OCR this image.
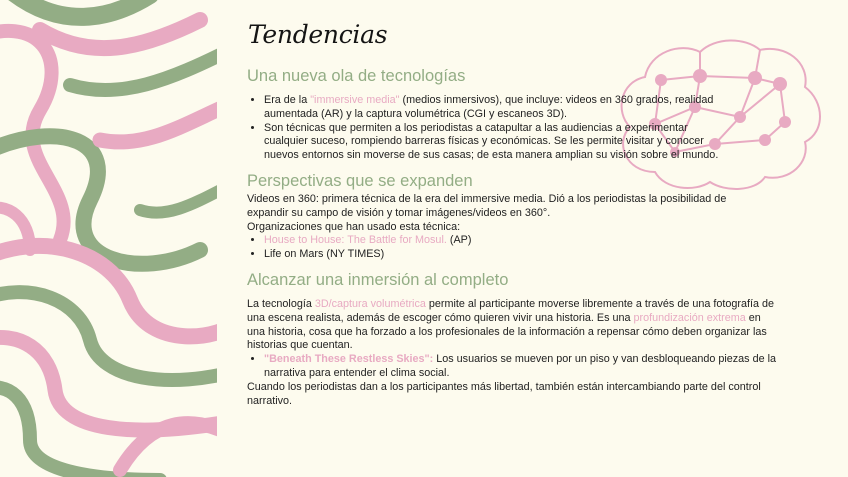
Tendencias
Una nueva ola de tecnologías
• Era de la "immersive media" (medios inmersivos), que incluye: videos en 360 grados, realidad aumentada (AR) y la captura volumétrica (CGI y escaneos 3D).
• Son técnicas que permiten a los periodistas a catapultar a las audiencias a experimentar cualquier suceso, rompiendo barreras físicas y económicas. Se les permite visitar y conocer nuevos entornos sin moverse de sus casas; de esta manera amplian su visión sobre el mundo.
Perspectivas que se expanden

Videos en 360: primera técnica de la era del immersive media. Dió a los periodistas la posibilidad de expandir su campo de visión y tomar imágenes/videos en 360°.

Organizaciones que han usado esta técnica:

• House to House: The Battle for Mosul. (AP)
• Life on Mars (NY TIMES)
Alcanzar una inmersión al completo

La tecnología 3D/captura volumétrica permite al participante moverse libremente a través de una fotografía de una escena realista, además de escoger cómo quieren vivir una historia. Es una profundización extrema en una historia, cosa que ha forzado a los profesionales de la información a repensar cómo deben organizar las historias que cuentan.

• "Beneath These Restless Skies": Los usuarios se mueven por un piso y van desbloqueando piezas de la narrativa para entender el clima social.

Cuando los periodistas dan a los participantes más libertad, también están intercambiando parte del control narrativo.
